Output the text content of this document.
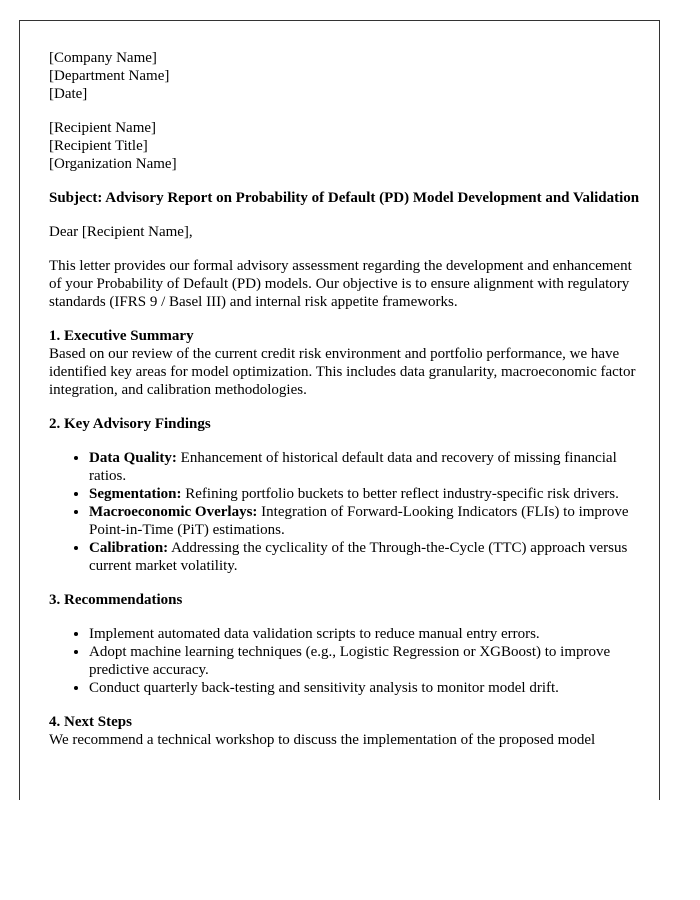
[Company Name]
[Department Name]
[Date]
[Recipient Name]
[Recipient Title]
[Organization Name]
Subject: Advisory Report on Probability of Default (PD) Model Development and Validation
Dear [Recipient Name],
This letter provides our formal advisory assessment regarding the development and enhancement of your Probability of Default (PD) models. Our objective is to ensure alignment with regulatory standards (IFRS 9 / Basel III) and internal risk appetite frameworks.
1. Executive Summary
Based on our review of the current credit risk environment and portfolio performance, we have identified key areas for model optimization. This includes data granularity, macroeconomic factor integration, and calibration methodologies.
2. Key Advisory Findings
• Data Quality: Enhancement of historical default data and recovery of missing financial ratios.
• Segmentation: Refining portfolio buckets to better reflect industry-specific risk drivers.
• Macroeconomic Overlays: Integration of Forward-Looking Indicators (FLIs) to improve Point-in-Time (PiT) estimations.
• Calibration: Addressing the cyclicality of the Through-the-Cycle (TTC) approach versus current market volatility.
3. Recommendations
• Implement automated data validation scripts to reduce manual entry errors.
• Adopt machine learning techniques (e.g., Logistic Regression or XGBoost) to improve predictive accuracy.
• Conduct quarterly back-testing and sensitivity analysis to monitor model drift.
4. Next Steps
We recommend a technical workshop to discuss the implementation of the proposed model
